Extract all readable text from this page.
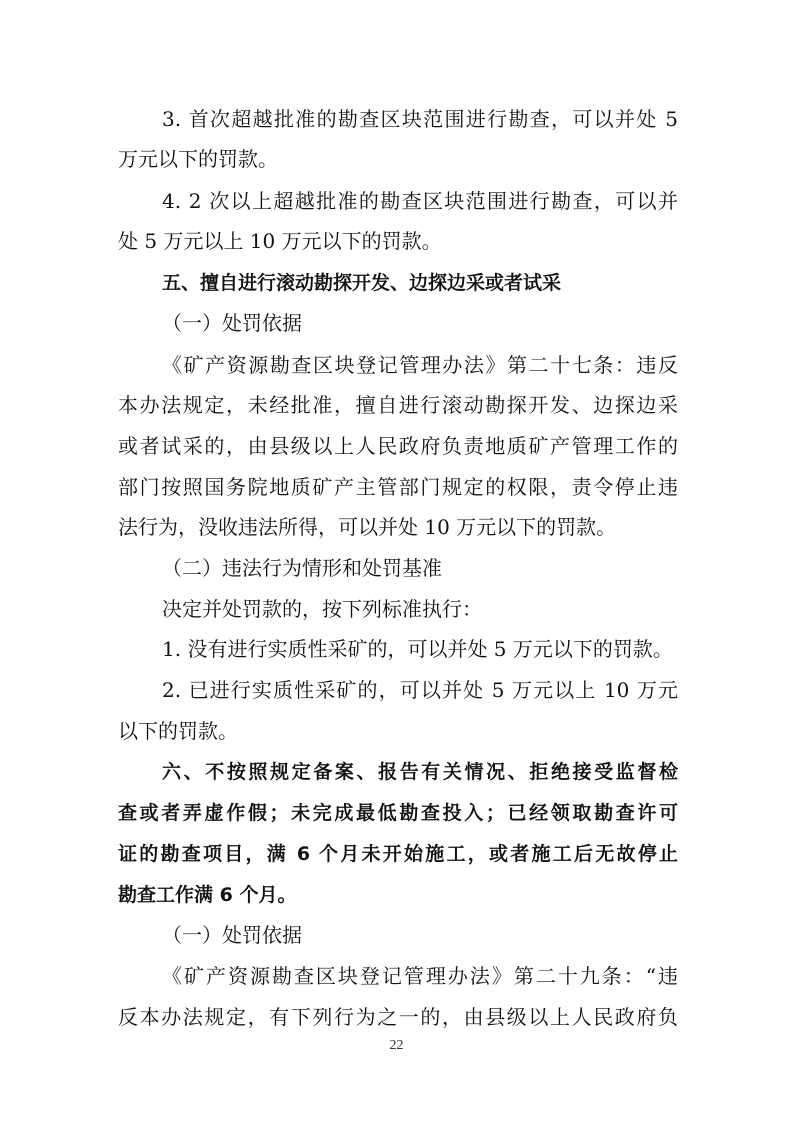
3. 首次超越批准的勘查区块范围进行勘查，可以并处 5
万元以下的罚款。
4. 2 次以上超越批准的勘查区块范围进行勘查，可以并
处 5 万元以上 10 万元以下的罚款。
五、擅自进行滚动勘探开发、边探边采或者试采
（一）处罚依据
《矿产资源勘查区块登记管理办法》第二十七条：违反
本办法规定，未经批准，擅自进行滚动勘探开发、边探边采
或者试采的，由县级以上人民政府负责地质矿产管理工作的
部门按照国务院地质矿产主管部门规定的权限，责令停止违
法行为，没收违法所得，可以并处 10 万元以下的罚款。
（二）违法行为情形和处罚基准
决定并处罚款的，按下列标准执行：
1. 没有进行实质性采矿的，可以并处 5 万元以下的罚款。
2. 已进行实质性采矿的，可以并处 5 万元以上 10 万元
以下的罚款。
六、不按照规定备案、报告有关情况、拒绝接受监督检
查或者弄虚作假；未完成最低勘查投入；已经领取勘查许可
证的勘查项目，满 6 个月未开始施工，或者施工后无故停止
勘查工作满 6 个月。
（一）处罚依据
《矿产资源勘查区块登记管理办法》第二十九条：“违
反本办法规定，有下列行为之一的，由县级以上人民政府负
22
